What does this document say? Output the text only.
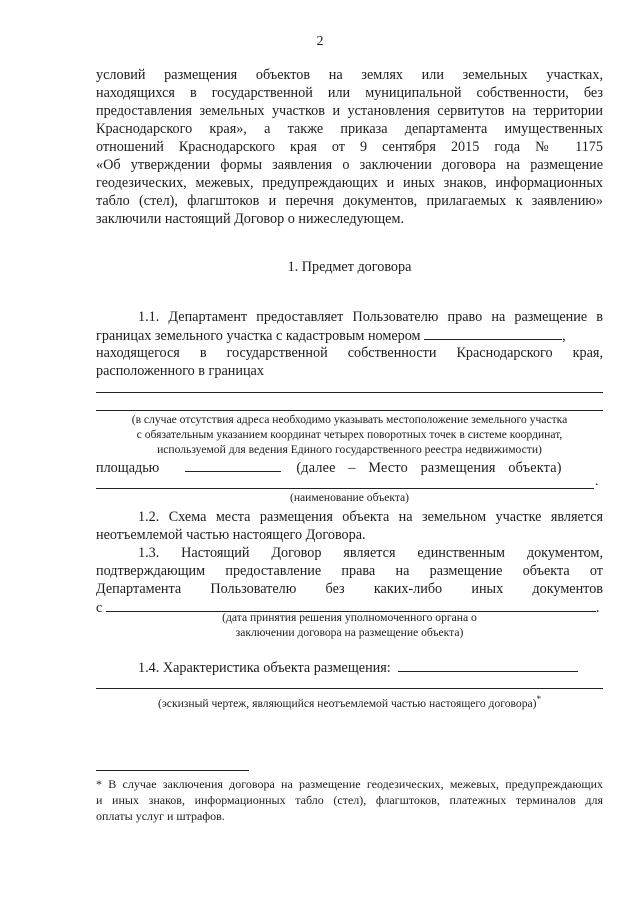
2
условий размещения объектов на землях или земельных участках,
находящихся в государственной или муниципальной собственности, без
предоставления земельных участков и установления сервитутов на территории
Краснодарского края», а также приказа департамента имущественных
отношений Краснодарского края от 9 сентября 2015 года № 1175
«Об утверждении формы заявления о заключении договора на размещение
геодезических, межевых, предупреждающих и иных знаков, информационных
табло (стел), флагштоков и перечня документов, прилагаемых к заявлению»
заключили настоящий Договор о нижеследующем.
1. Предмет договора
1.1. Департамент предоставляет Пользователю право на размещение в
границах земельного участка с кадастровым номером	,
находящегося в государственной собственности Краснодарского края,
расположенного в границах
(в случае отсутствия адреса необходимо указывать местоположение земельного участка
с обязательным указанием координат четырех поворотных точек в системе координат,
используемой для ведения Единого государственного реестра недвижимости)
площадью	(далее – Место размещения объекта)
.
(наименование объекта)
1.2. Схема места размещения объекта на земельном участке является
неотъемлемой частью настоящего Договора.
1.3. Настоящий Договор является единственным документом,
подтверждающим предоставление права на размещение объекта от
Департамента Пользователю без каких-либо иных документов
с	.
(дата принятия решения уполномоченного органа о
заключении договора на размещение объекта)
1.4. Характеристика объекта размещения:
(эскизный чертеж, являющийся неотъемлемой частью настоящего договора)*
* В случае заключения договора на размещение геодезических, межевых, предупреждающих
и иных знаков, информационных табло (стел), флагштоков, платежных терминалов для
оплаты услуг и штрафов.
